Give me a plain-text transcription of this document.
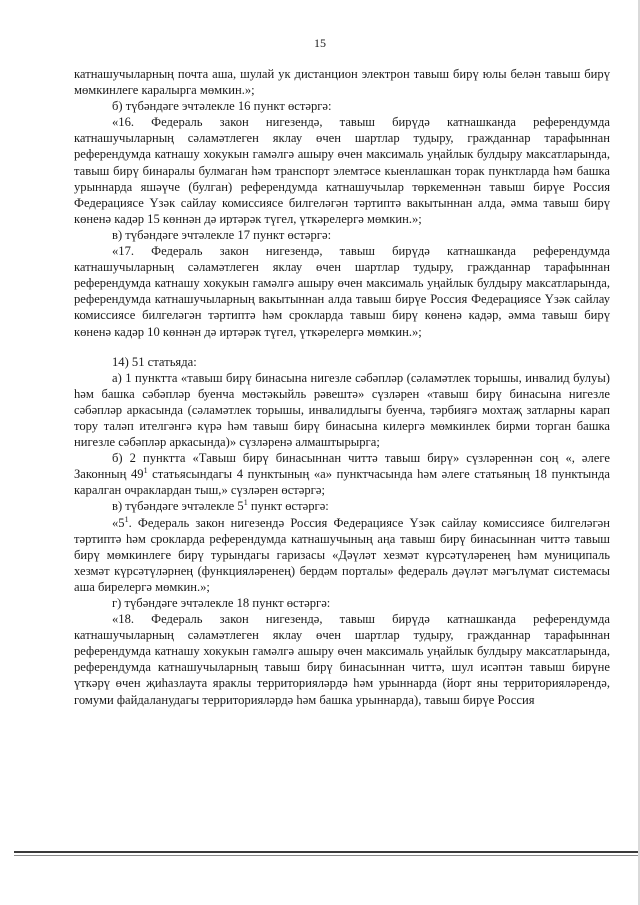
15

катнашучыларның почта аша, шулай ук дистанцион электрон тавыш бирү юлы белән тавыш бирү мөмкинлеге каралырга мөмкин.»;

б) түбәндәге эчтәлекле 16 пункт өстәргә:

«16. Федераль закон нигезендә, тавыш бирүдә катнашканда референдумда катнашучыларның сәламәтлеген яклау өчен шартлар тудыру, гражданнар тарафыннан референдумда катнашу хокукын гамәлгә ашыру өчен максималь уңайлык булдыру максатларында, тавыш бирү бинаралы булмаган һәм транспорт элемтәсе кыенлашкан торак пунктларда һәм башка урыннарда яшәүче (булган) референдумда катнашучылар төркеменнән тавыш бирүе Россия Федерациясе Үзәк сайлау комиссиясе билгеләгән тәртиптә вакытыннан алда, әмма тавыш бирү көненә кадәр 15 көннән дә иртәрәк түгел, үткәрелергә мөмкин.»;

в) түбәндәге эчтәлекле 17 пункт өстәргә:

«17. Федераль закон нигезендә, тавыш бирүдә катнашканда референдумда катнашучыларның сәламәтлеген яклау өчен шартлар тудыру, гражданнар тарафыннан референдумда катнашу хокукын гамәлгә ашыру өчен максималь уңайлык булдыру максатларында, референдумда катнашучыларның вакытыннан алда тавыш бирүе Россия Федерациясе Үзәк сайлау комиссиясе билгеләгән тәртиптә һәм срокларда тавыш бирү көненә кадәр, әмма тавыш бирү көненә кадәр 10 көннән дә иртәрәк түгел, үткәрелергә мөмкин.»;

14) 51 статьяда:

а) 1 пунктта «тавыш бирү бинасына нигезле сәбәпләр (сәламәтлек торышы, инвалид булуы) һәм башка сәбәпләр буенча мөстәкыйль рәвештә» сүзләрен «тавыш бирү бинасына нигезле сәбәпләр аркасында (сәламәтлек торышы, инвалидлыгы буенча, тәрбиягә мохтаҗ затларны карап тору таләп ителгәнгә күрә һәм тавыш бирү бинасына килергә мөмкинлек бирми торган башка нигезле сәбәпләр аркасында)» сүзләренә алмаштырырга;

б) 2 пунктта «Тавыш бирү бинасыннан читтә тавыш бирү» сүзләреннән соң «, әлеге Законның $49^1$ статьясындагы 4 пунктының «а» пунктчасында һәм әлеге статьяның 18 пунктында каралган очраклардан тыш,» сүзләрен өстәргә;

в) түбәндәге эчтәлекле $5^1$ пункт өстәргә:

«$5^1$. Федераль закон нигезендә Россия Федерациясе Үзәк сайлау комиссиясе билгеләгән тәртиптә һәм срокларда референдумда катнашучының аңа тавыш бирү бинасыннан читтә тавыш бирү мөмкинлеге бирү турындагы гаризасы «Дәүләт хезмәт күрсәтүләренең һәм муниципаль хезмәт күрсәтүләрнең (функцияләренең) бердәм порталы» федераль дәүләт мәгълүмат системасы аша бирелергә мөмкин.»;

г) түбәндәге эчтәлекле 18 пункт өстәргә:

«18. Федераль закон нигезендә, тавыш бирүдә катнашканда референдумда катнашучыларның сәламәтлеген яклау өчен шартлар тудыру, гражданнар тарафыннан референдумда катнашу хокукын гамәлгә ашыру өчен максималь уңайлык булдыру максатларында, референдумда катнашучыларның тавыш бирү бинасыннан читтә, шул исәптән тавыш бирүне үткәрү өчен җиһазлаута яраклы территорияләрдә һәм урыннарда (йорт яны территорияләрендә, гомуми файдаланудагы территорияләрдә һәм башка урыннарда), тавыш бирүе Россия
